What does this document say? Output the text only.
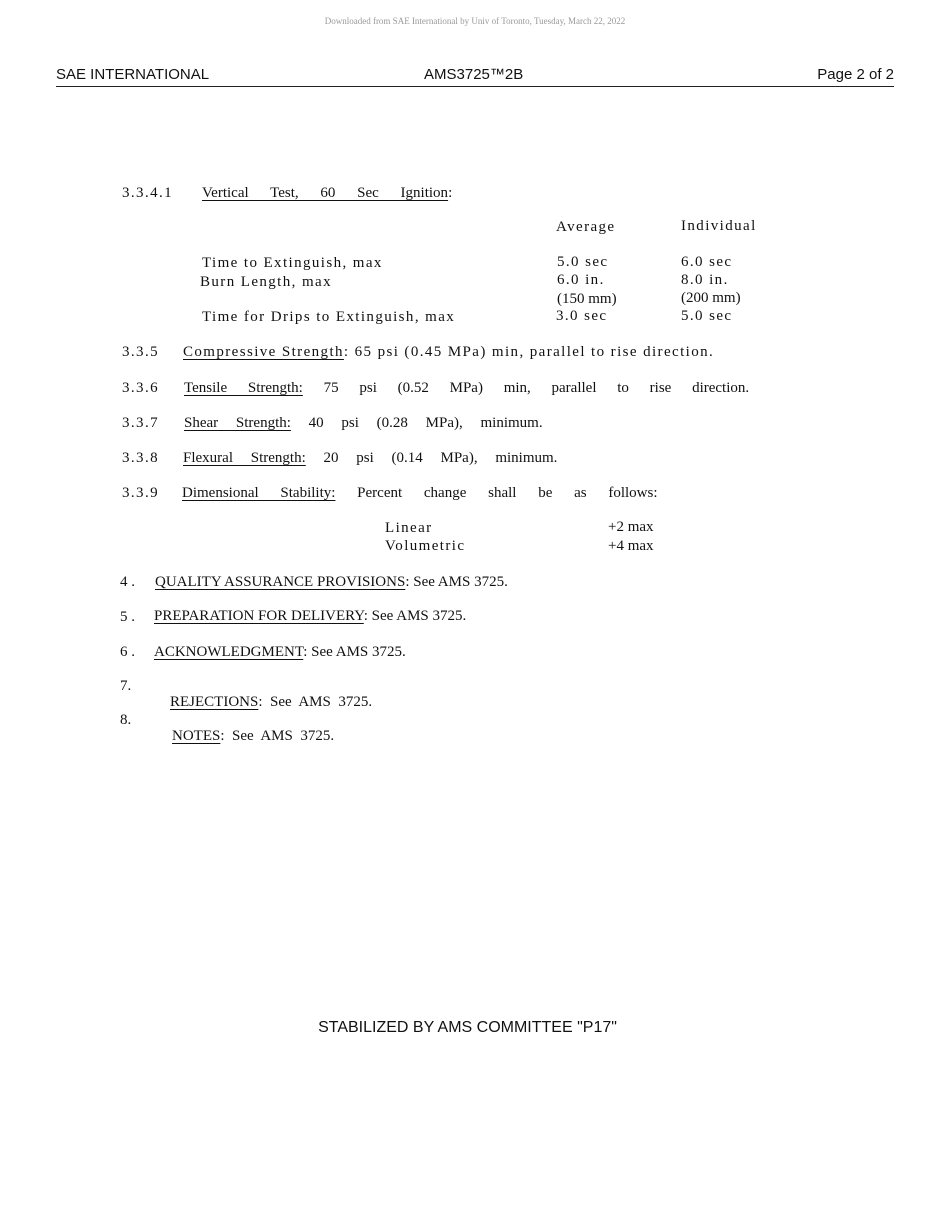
Downloaded from SAE International by Univ of Toronto, Tuesday, March 22, 2022
SAE INTERNATIONAL	AMS3725™2B	Page 2 of 2
3.3.4.1 Vertical Test, 60 Sec Ignition:
Average	Individual
Time to Extinguish, max	5.0 sec	6.0 sec
Burn Length, max	6.0 in.	8.0 in.
(150 mm)	(200 mm)
Time for Drips to Extinguish, max	3.0 sec	5.0 sec
3.3.5 Compressive Strength: 65 psi (0.45 MPa) min, parallel to rise direction.
3.3.6 Tensile Strength: 75 psi (0.52 MPa) min, parallel to rise direction.
3.3.7 Shear Strength: 40 psi (0.28 MPa), minimum.
3.3.8 Flexural Strength: 20 psi (0.14 MPa), minimum.
3.3.9 Dimensional Stability: Percent change shall be as follows:
Linear	+2 max
Volumetric	+4 max
4 . QUALITY ASSURANCE PROVISIONS: See AMS 3725.
5 . PREPARATION FOR DELIVERY: See AMS 3725.
6 . ACKNOWLEDGMENT: See AMS 3725.
7.

REJECTIONS:  See  AMS  3725.

8.

NOTES:  See  AMS  3725.

STABILIZED BY AMS COMMITTEE "P17"
